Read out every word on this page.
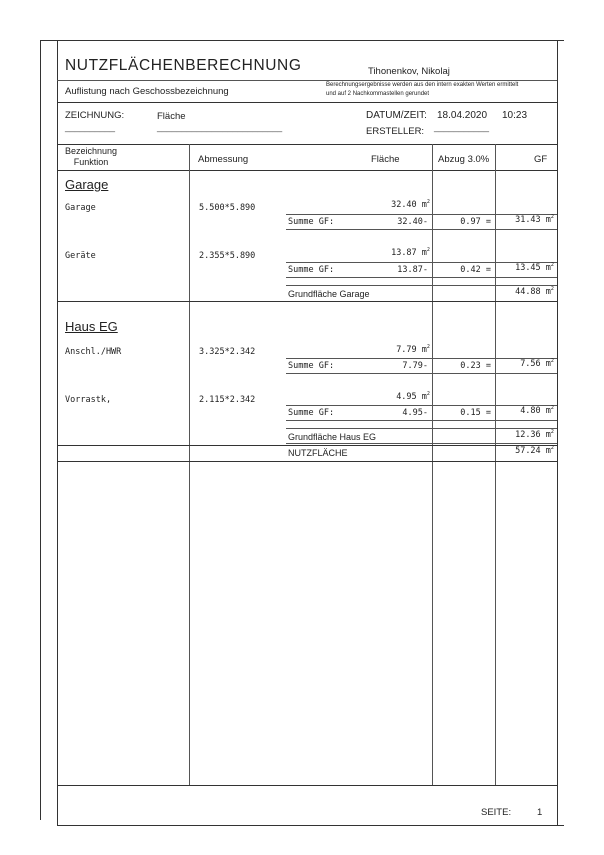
NUTZFLÄCHENBERECHNUNG	Tihonenkov, Nikolaj
Auflistung nach Geschossbezeichnung
Berechnungsergebnisse werden aus den intern exakten Werten ermittelt
und auf 2 Nachkommastellen gerundet
ZEICHNUNG:	Fläche	DATUM/ZEIT: 18.04.2020 10:23
__________	_________________________	ERSTELLER: ___________
Bezeichnung
Funktion	Abmessung	Fläche	Abzug 3.0%	GF
Garage
Garage	5.500*5.890	32.40 $m^2$
Summe GF:	32.40-	0.97 =	31.43 $m^2$
Geräte	2.355*5.890	13.87 $m^2$
Summe GF:	13.87-	0.42 =	13.45 $m^2$
Grundfläche Garage	44.88 $m^2$
Haus EG
Anschl./HWR	3.325*2.342	7.79 $m^2$
Summe GF:	7.79-	0.23 =	7.56 $m^2$
Vorrastk,	2.115*2.342	4.95 $m^2$
Summe GF:	4.95-	0.15 =	4.80 $m^2$
Grundfläche Haus EG	12.36 $m^2$
NUTZFLÄCHE	57.24 $m^2$
SEITE:	1
